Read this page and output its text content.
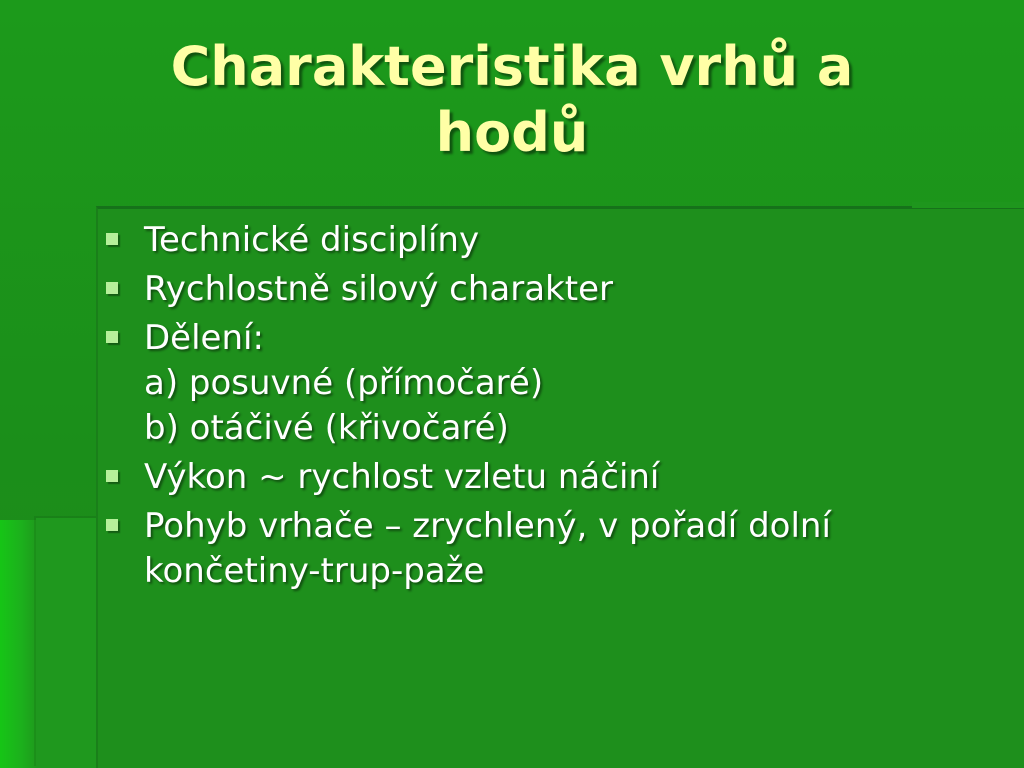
Charakteristika vrhů a
hodů
Technické disciplíny
Rychlostně silový charakter
Dělení:
a) posuvné (přímočaré)
b) otáčivé (křivočaré)
Výkon ~ rychlost vzletu náčiní
Pohyb vrhače – zrychlený, v pořadí dolní
končetiny-trup-paže
